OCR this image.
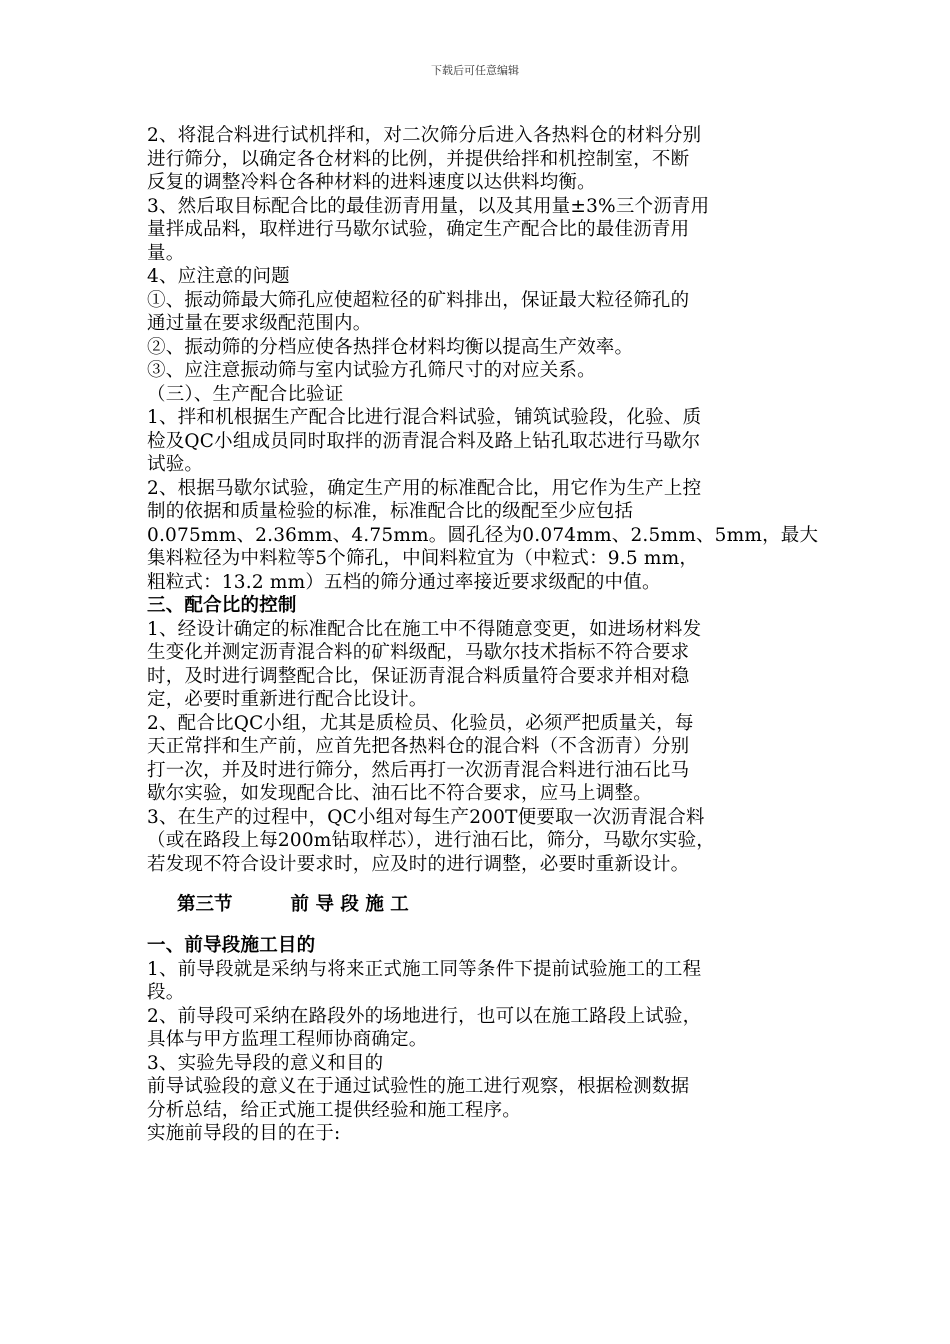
下载后可任意编辑
2、将混合料进行试机拌和，对二次筛分后进入各热料仓的材料分别
进行筛分，以确定各仓材料的比例，并提供给拌和机控制室，不断
反复的调整冷料仓各种材料的进料速度以达供料均衡。
3、然后取目标配合比的最佳沥青用量，以及其用量±3%三个沥青用
量拌成品料，取样进行马歇尔试验，确定生产配合比的最佳沥青用
量。
4、应注意的问题
①、振动筛最大筛孔应使超粒径的矿料排出，保证最大粒径筛孔的
通过量在要求级配范围内。
②、振动筛的分档应使各热拌仓材料均衡以提高生产效率。
③、应注意振动筛与室内试验方孔筛尺寸的对应关系。
（三）、生产配合比验证
1、拌和机根据生产配合比进行混合料试验，铺筑试验段，化验、质
检及QC小组成员同时取拌的沥青混合料及路上钻孔取芯进行马歇尔
试验。
2、根据马歇尔试验，确定生产用的标准配合比，用它作为生产上控
制的依据和质量检验的标准，标准配合比的级配至少应包括
0.075mm、2.36mm、4.75mm。圆孔径为0.074mm、2.5mm、5mm，最大
集料粒径为中料粒等5个筛孔，中间料粒宜为（中粒式：9.5 mm，
粗粒式：13.2 mm）五档的筛分通过率接近要求级配的中值。
三、配合比的控制
1、经设计确定的标准配合比在施工中不得随意变更，如进场材料发
生变化并测定沥青混合料的矿料级配，马歇尔技术指标不符合要求
时，及时进行调整配合比，保证沥青混合料质量符合要求并相对稳
定，必要时重新进行配合比设计。
2、配合比QC小组，尤其是质检员、化验员，必须严把质量关，每
天正常拌和生产前，应首先把各热料仓的混合料（不含沥青）分别
打一次，并及时进行筛分，然后再打一次沥青混合料进行油石比马
歇尔实验，如发现配合比、油石比不符合要求，应马上调整。
3、在生产的过程中，QC小组对每生产200T便要取一次沥青混合料
（或在路段上每200m钻取样芯），进行油石比，筛分，马歇尔实验，
若发现不符合设计要求时，应及时的进行调整，必要时重新设计。
第三节	前 导 段 施 工
一、前导段施工目的
1、前导段就是采纳与将来正式施工同等条件下提前试验施工的工程
段。
2、前导段可采纳在路段外的场地进行，也可以在施工路段上试验，
具体与甲方监理工程师协商确定。
3、实验先导段的意义和目的
前导试验段的意义在于通过试验性的施工进行观察，根据检测数据
分析总结，给正式施工提供经验和施工程序。
实施前导段的目的在于:
